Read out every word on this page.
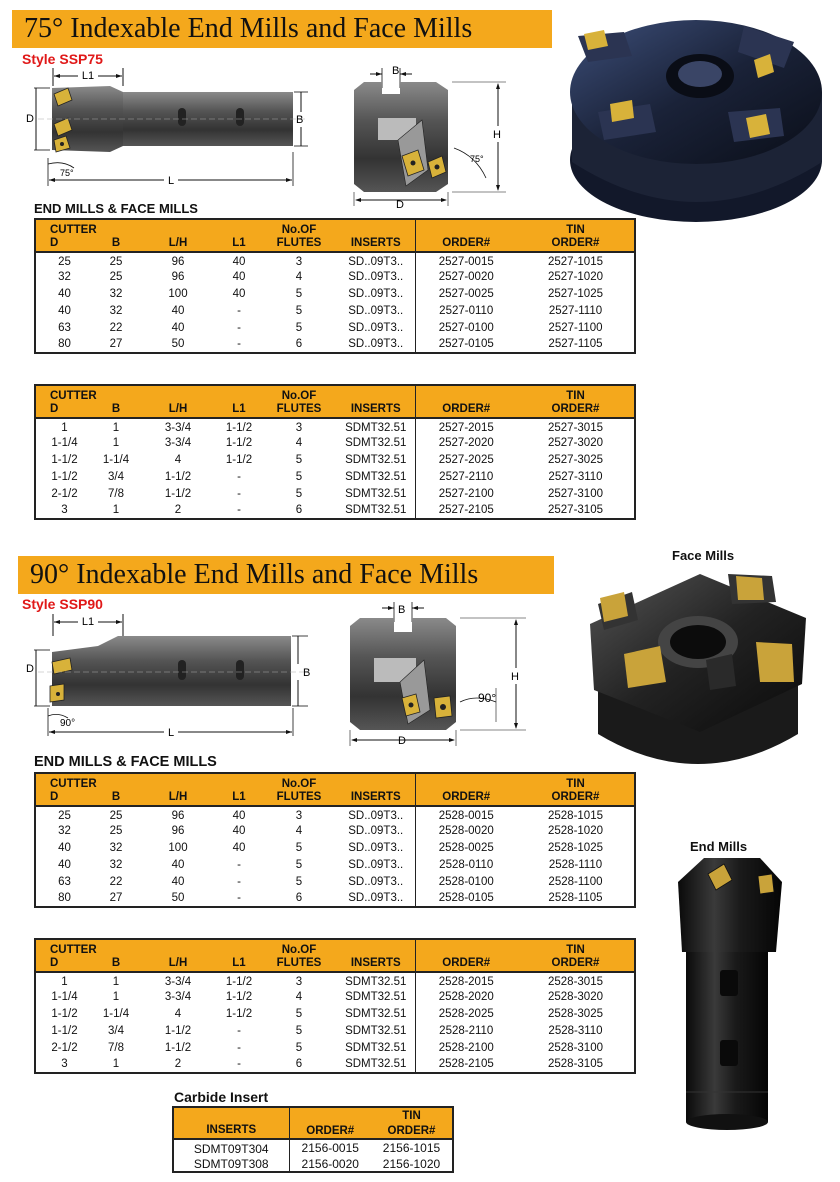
75° Indexable End Mills and Face Mills
Style SSP75
L1
D	B
L
75°
B
H
75°
D
END MILLS & FACE MILLS
CUTTER				No.OF			TIN
D	B	L/H	L1	FLUTES	INSERTS	ORDER#	ORDER#
25	25	96	40	3	SD..09T3..	2527-0015	2527-1015
32	25	96	40	4	SD..09T3..	2527-0020	2527-1020
40	32	100	40	5	SD..09T3..	2527-0025	2527-1025
40	32	40	-	5	SD..09T3..	2527-0110	2527-1110
63	22	40	-	5	SD..09T3..	2527-0100	2527-1100
80	27	50	-	6	SD..09T3..	2527-0105	2527-1105
CUTTER				No.OF			TIN
D	B	L/H	L1	FLUTES	INSERTS	ORDER#	ORDER#
1	1	3-3/4	1-1/2	3	SDMT32.51	2527-2015	2527-3015
1-1/4	1	3-3/4	1-1/2	4	SDMT32.51	2527-2020	2527-3020
1-1/2	1-1/4	4	1-1/2	5	SDMT32.51	2527-2025	2527-3025
1-1/2	3/4	1-1/2	-	5	SDMT32.51	2527-2110	2527-3110
2-1/2	7/8	1-1/2	-	5	SDMT32.51	2527-2100	2527-3100
3	1	2	-	6	SDMT32.51	2527-2105	2527-3105
Face Mills
90° Indexable End Mills and Face Mills
Style SSP90
L1
D	B
L
90°
B
H
90°
D
END MILLS & FACE MILLS
CUTTER				No.OF			TIN
D	B	L/H	L1	FLUTES	INSERTS	ORDER#	ORDER#
25	25	96	40	3	SD..09T3..	2528-0015	2528-1015
32	25	96	40	4	SD..09T3..	2528-0020	2528-1020
40	32	100	40	5	SD..09T3..	2528-0025	2528-1025
40	32	40	-	5	SD..09T3..	2528-0110	2528-1110
63	22	40	-	5	SD..09T3..	2528-0100	2528-1100
80	27	50	-	6	SD..09T3..	2528-0105	2528-1105
End Mills
CUTTER				No.OF			TIN
D	B	L/H	L1	FLUTES	INSERTS	ORDER#	ORDER#
1	1	3-3/4	1-1/2	3	SDMT32.51	2528-2015	2528-3015
1-1/4	1	3-3/4	1-1/2	4	SDMT32.51	2528-2020	2528-3020
1-1/2	1-1/4	4	1-1/2	5	SDMT32.51	2528-2025	2528-3025
1-1/2	3/4	1-1/2	-	5	SDMT32.51	2528-2110	2528-3110
2-1/2	7/8	1-1/2	-	5	SDMT32.51	2528-2100	2528-3100
3	1	2	-	6	SDMT32.51	2528-2105	2528-3105
Carbide Insert
		TIN
INSERTS	ORDER#	ORDER#
SDMT09T304	2156-0015	2156-1015
SDMT09T308	2156-0020	2156-1020
